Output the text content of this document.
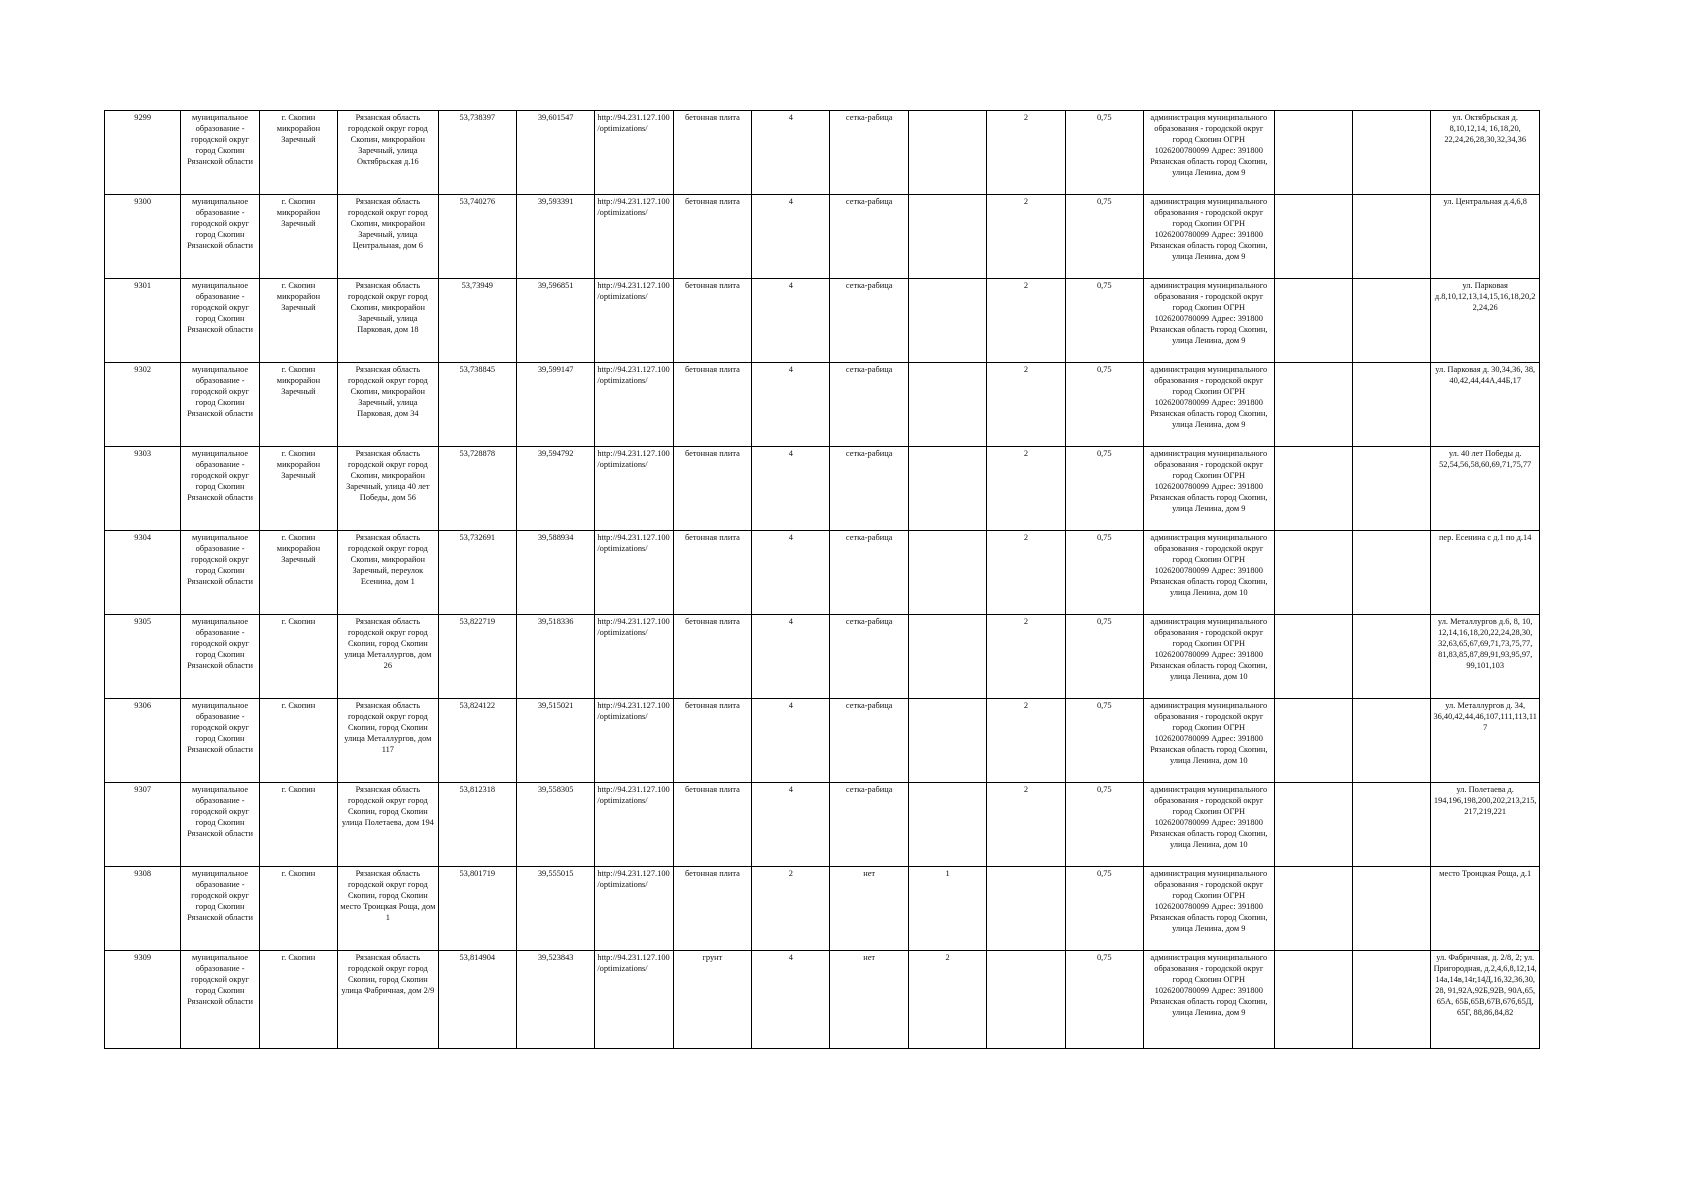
9299	муниципальное образование - городской округ город Скопин Рязанской области	г. Скопин микрорайон Заречный	Рязанская область городской округ город Скопин, микрорайон Заречный, улица Октябрьская д.16	53,738397	39,601547	http://94.231.127.100/optimizations/	бетонная плита	4	сетка-рабица		2	0,75	администрация муниципального образования - городской округ город Скопин ОГРН 1026200780099 Адрес: 391800 Рязанская область город Скопин, улица Ленина, дом 9			ул. Октябрьская д. 8,10,12,14, 16,18,20, 22,24,26,28,30,32,34,36
9300	муниципальное образование - городской округ город Скопин Рязанской области	г. Скопин микрорайон Заречный	Рязанская область городской округ город Скопин, микрорайон Заречный, улица Центральная, дом 6	53,740276	39,593391	http://94.231.127.100/optimizations/	бетонная плита	4	сетка-рабица		2	0,75	администрация муниципального образования - городской округ город Скопин ОГРН 1026200780099 Адрес: 391800 Рязанская область город Скопин, улица Ленина, дом 9			ул. Центральная д.4,6,8
9301	муниципальное образование - городской округ город Скопин Рязанской области	г. Скопин микрорайон Заречный	Рязанская область городской округ город Скопин, микрорайон Заречный, улица Парковая, дом 18	53,73949	39,596851	http://94.231.127.100/optimizations/	бетонная плита	4	сетка-рабица		2	0,75	администрация муниципального образования - городской округ город Скопин ОГРН 1026200780099 Адрес: 391800 Рязанская область город Скопин, улица Ленина, дом 9			ул. Парковая д.8,10,12,13,14,15,16,18,20,22,24,26
9302	муниципальное образование - городской округ город Скопин Рязанской области	г. Скопин микрорайон Заречный	Рязанская область городской округ город Скопин, микрорайон Заречный, улица Парковая, дом 34	53,738845	39,599147	http://94.231.127.100/optimizations/	бетонная плита	4	сетка-рабица		2	0,75	администрация муниципального образования - городской округ город Скопин ОГРН 1026200780099 Адрес: 391800 Рязанская область город Скопин, улица Ленина, дом 9			ул. Парковая д. 30,34,36, 38, 40,42,44,44А,44Б,17
9303	муниципальное образование - городской округ город Скопин Рязанской области	г. Скопин микрорайон Заречный	Рязанская область городской округ город Скопин, микрорайон Заречный, улица 40 лет Победы, дом 56	53,728878	39,594792	http://94.231.127.100/optimizations/	бетонная плита	4	сетка-рабица		2	0,75	администрация муниципального образования - городской округ город Скопин ОГРН 1026200780099 Адрес: 391800 Рязанская область город Скопин, улица Ленина, дом 9			ул. 40 лет Победы д. 52,54,56,58,60,69,71,75,77
9304	муниципальное образование - городской округ город Скопин Рязанской области	г. Скопин микрорайон Заречный	Рязанская область городской округ город Скопин, микрорайон Заречный, переулок Есенина, дом 1	53,732691	39,588934	http://94.231.127.100/optimizations/	бетонная плита	4	сетка-рабица		2	0,75	администрация муниципального образования - городской округ город Скопин ОГРН 1026200780099 Адрес: 391800 Рязанская область город Скопин, улица Ленина, дом 10			пер. Есенина с д.1 по д.14
9305	муниципальное образование - городской округ город Скопин Рязанской области	г. Скопин	Рязанская область городской округ город Скопин, город Скопин улица Металлургов, дом 26	53,822719	39,518336	http://94.231.127.100/optimizations/	бетонная плита	4	сетка-рабица		2	0,75	администрация муниципального образования - городской округ город Скопин ОГРН 1026200780099 Адрес: 391800 Рязанская область город Скопин, улица Ленина, дом 10			ул. Металлургов д.6, 8, 10, 12,14,16,18,20,22,24,28,30, 32,63,65,67,69,71,73,75,77, 81,83,85,87,89,91,93,95,97, 99,101,103
9306	муниципальное образование - городской округ город Скопин Рязанской области	г. Скопин	Рязанская область городской округ город Скопин, город Скопин улица Металлургов, дом 117	53,824122	39,515021	http://94.231.127.100/optimizations/	бетонная плита	4	сетка-рабица		2	0,75	администрация муниципального образования - городской округ город Скопин ОГРН 1026200780099 Адрес: 391800 Рязанская область город Скопин, улица Ленина, дом 10			ул. Металлургов д. 34, 36,40,42,44,46,107,111,113,117
9307	муниципальное образование - городской округ город Скопин Рязанской области	г. Скопин	Рязанская область городской округ город Скопин, город Скопин улица Полетаева, дом 194	53,812318	39,558305	http://94.231.127.100/optimizations/	бетонная плита	4	сетка-рабица		2	0,75	администрация муниципального образования - городской округ город Скопин ОГРН 1026200780099 Адрес: 391800 Рязанская область город Скопин, улица Ленина, дом 10			ул. Полетаева д. 194,196,198,200,202,213,215,217,219,221
9308	муниципальное образование - городской округ город Скопин Рязанской области	г. Скопин	Рязанская область городской округ город Скопин, город Скопин место Троицкая Роща, дом 1	53,801719	39,555015	http://94.231.127.100/optimizations/	бетонная плита	2	нет	1		0,75	администрация муниципального образования - городской округ город Скопин ОГРН 1026200780099 Адрес: 391800 Рязанская область город Скопин, улица Ленина, дом 9			место Троицкая Роща, д.1
9309	муниципальное образование - городской округ город Скопин Рязанской области	г. Скопин	Рязанская область городской округ город Скопин, город Скопин улица Фабричная, дом 2/9	53,814904	39,523843	http://94.231.127.100/optimizations/	грунт	4	нет	2		0,75	администрация муниципального образования - городской округ город Скопин ОГРН 1026200780099 Адрес: 391800 Рязанская область город Скопин, улица Ленина, дом 9			ул. Фабричная, д. 2/8, 2; ул. Пригородная, д.2,4,6,8,12,14, 14а,14в,14г,14Д,16,32,36,30,28, 91,92А,92Б,92В, 90А,65, 65А, 65Б,65В,67В,67б,65Д, 65Г, 88,86,84,82
